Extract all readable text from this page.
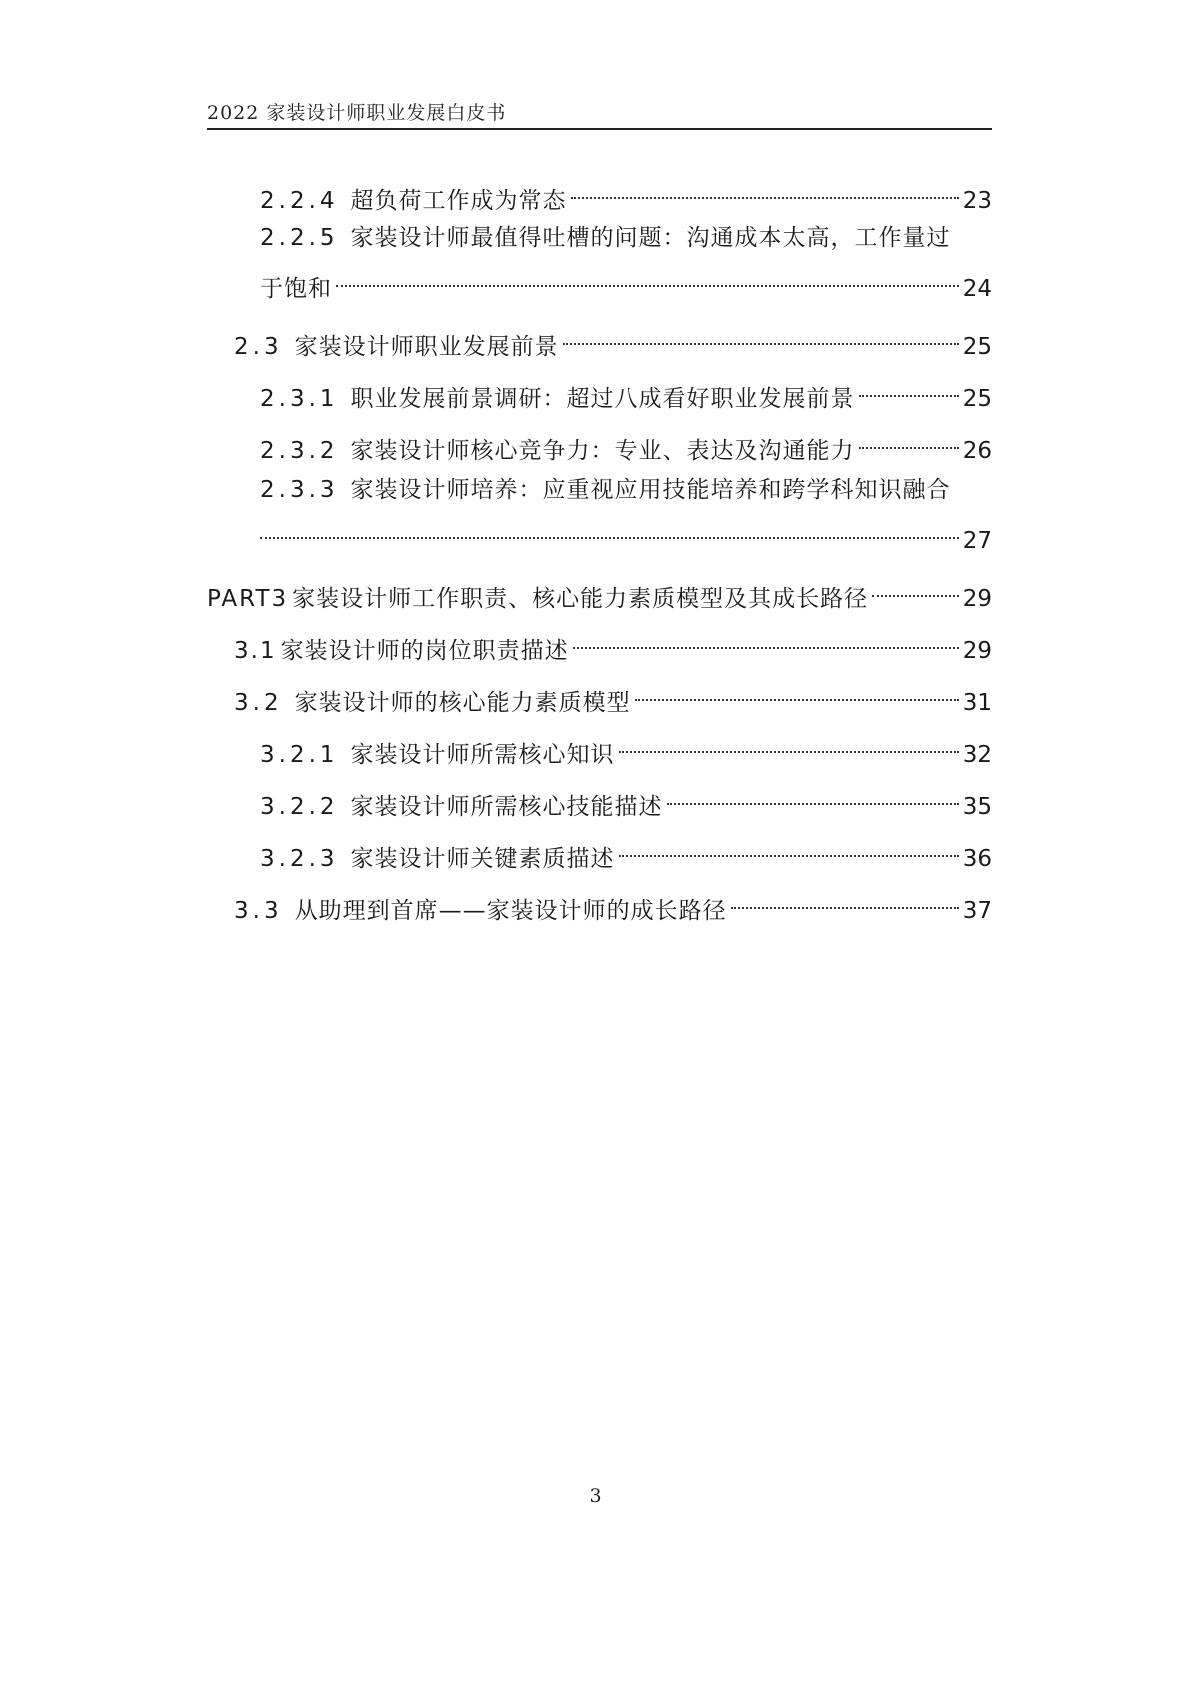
2022 家装设计师职业发展白皮书
2.2.4 超负荷工作成为常态	23
2.2.5 家装设计师最值得吐槽的问题：沟通成本太高，工作量过
于饱和	24
2.3 家装设计师职业发展前景	25
2.3.1 职业发展前景调研：超过八成看好职业发展前景	25
2.3.2 家装设计师核心竞争力：专业、表达及沟通能力	26
2.3.3 家装设计师培养：应重视应用技能培养和跨学科知识融合
27
PART3 家装设计师工作职责、核心能力素质模型及其成长路径	29
3.1 家装设计师的岗位职责描述	29
3.2 家装设计师的核心能力素质模型	31
3.2.1 家装设计师所需核心知识	32
3.2.2 家装设计师所需核心技能描述	35
3.2.3 家装设计师关键素质描述	36
3.3 从助理到首席——家装设计师的成长路径	37
3
